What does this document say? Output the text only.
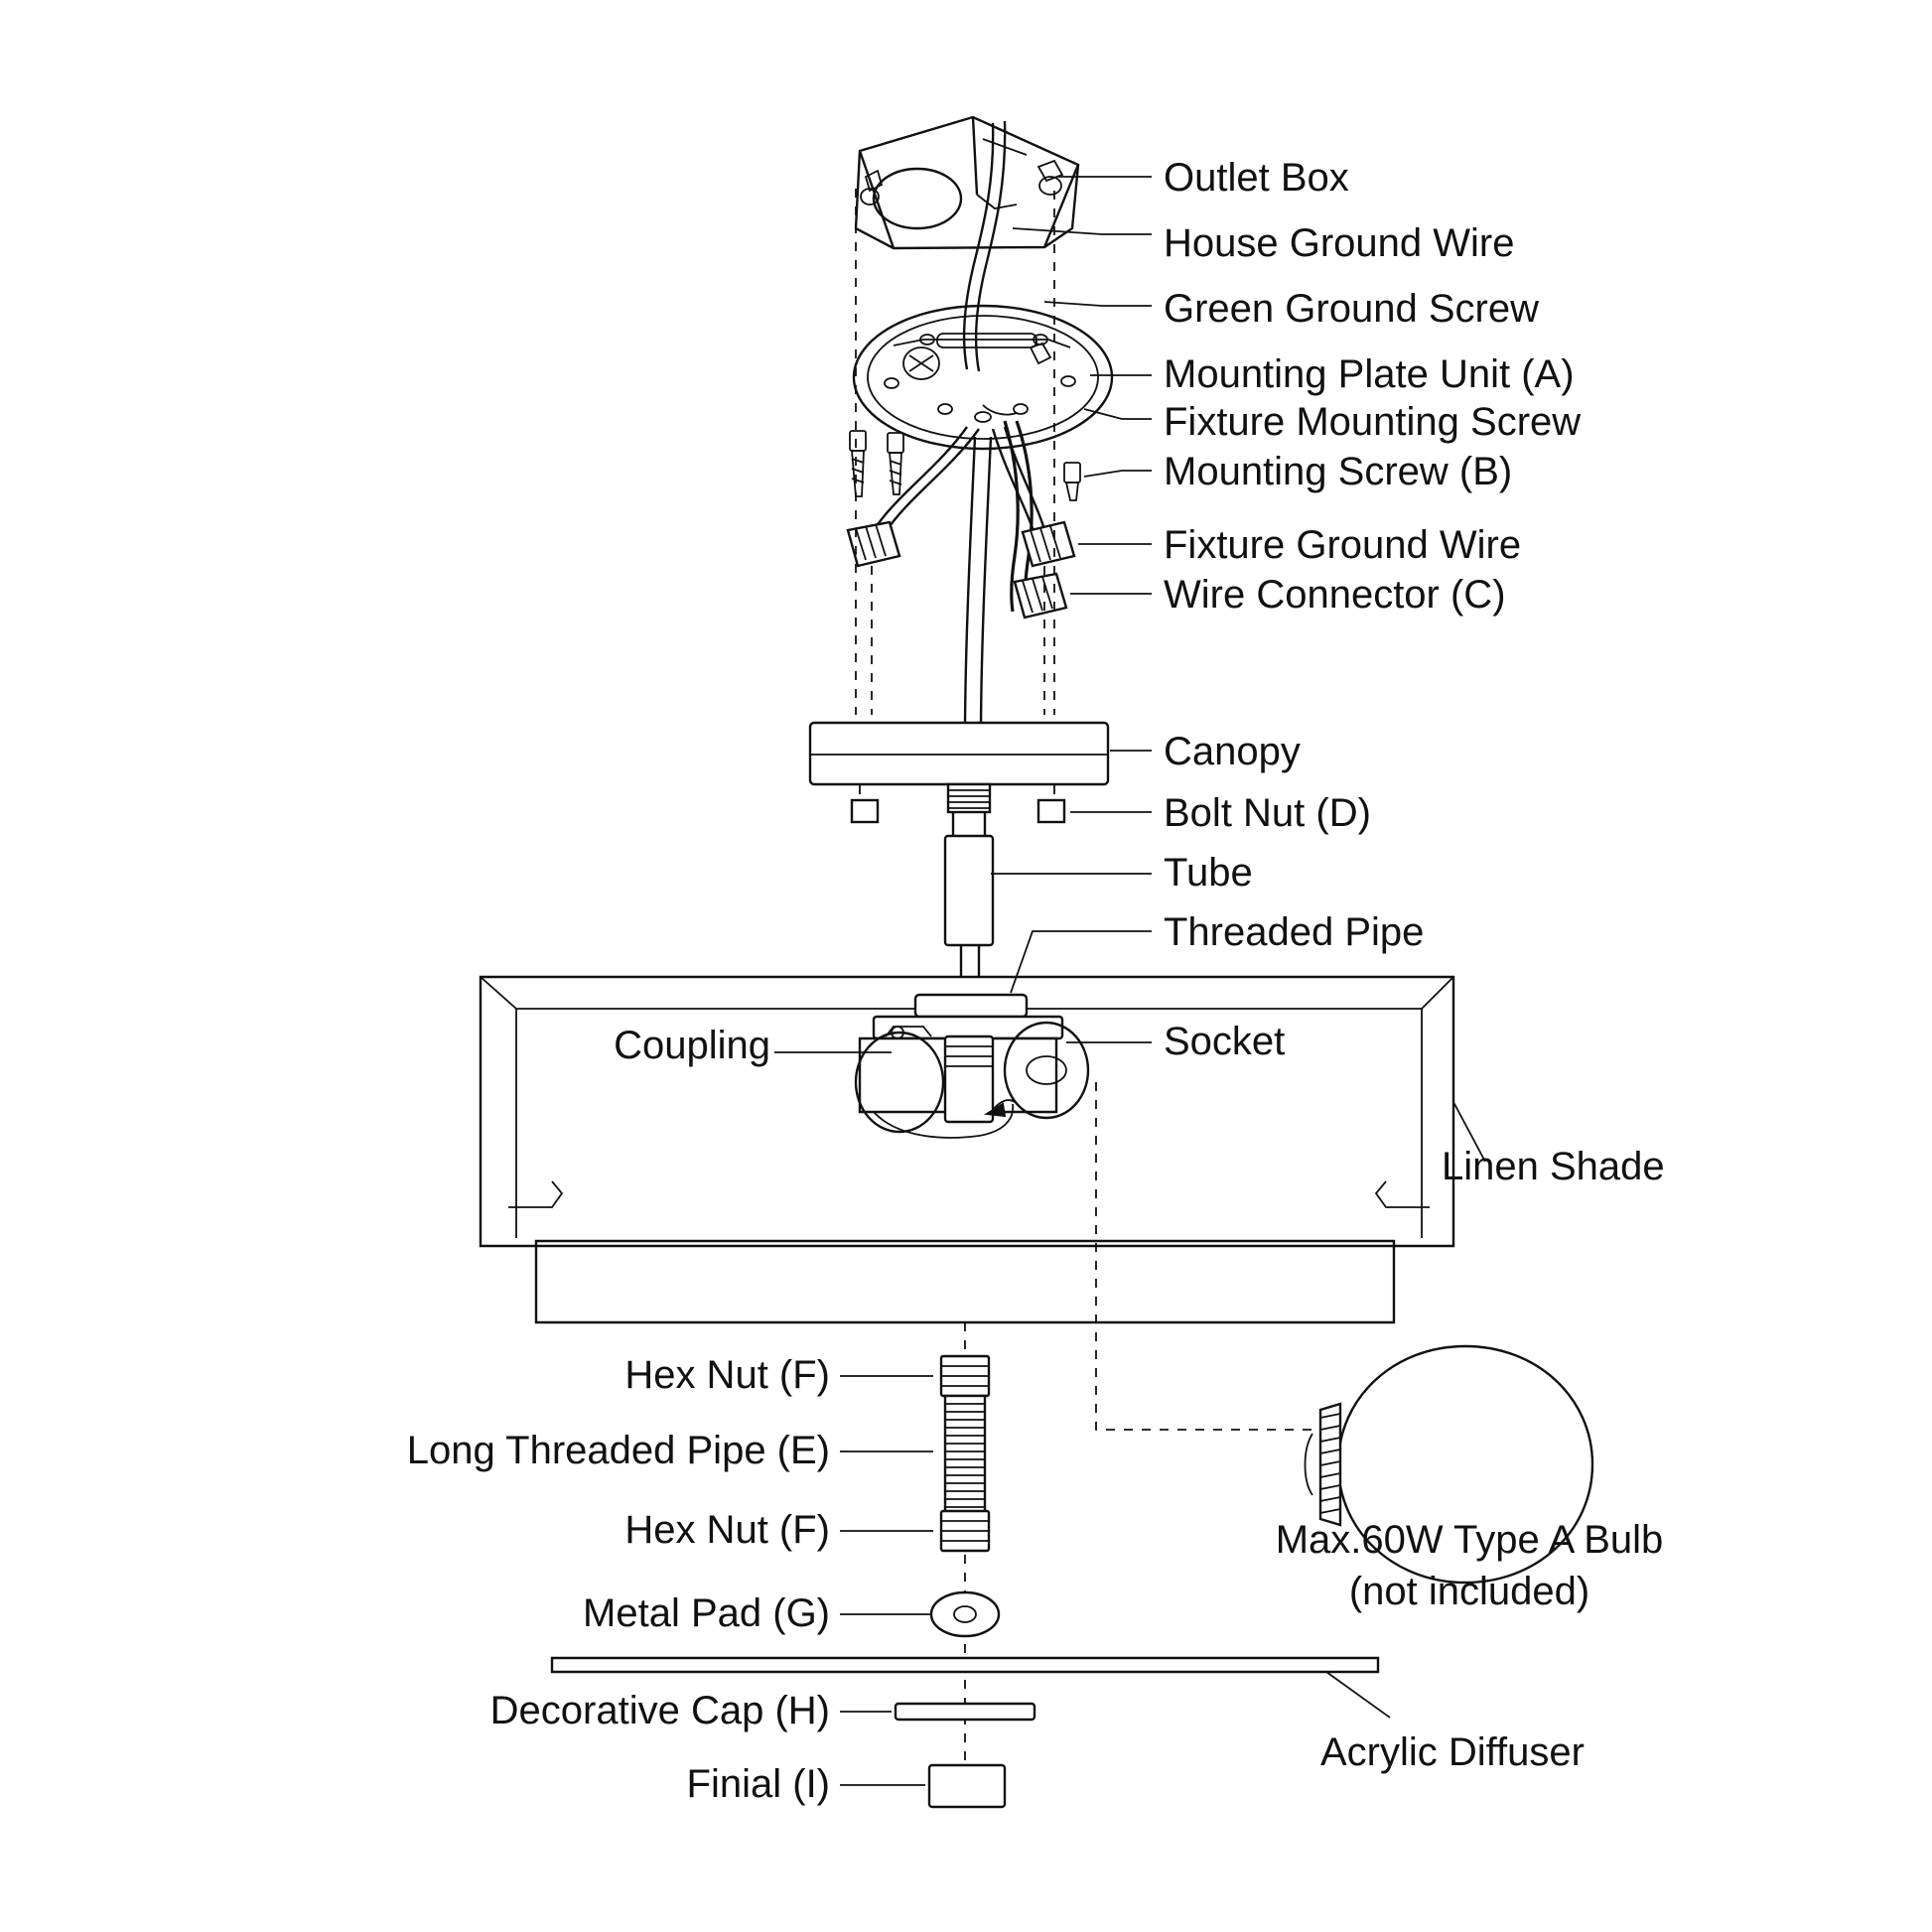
Outlet Box
House Ground Wire
Green Ground Screw
Mounting Plate Unit (A)
Fixture Mounting Screw
Mounting Screw (B)
Fixture Ground Wire
Wire Connector (C)
Canopy
Bolt Nut (D)
Tube
Threaded Pipe
Coupling	Socket
Linen Shade
Hex Nut (F)
Long Threaded Pipe (E)
Hex Nut (F)
Metal Pad (G)
Decorative Cap (H)
Finial (I)
Acrylic Diffuser
Max.60W Type A Bulb
(not included)
